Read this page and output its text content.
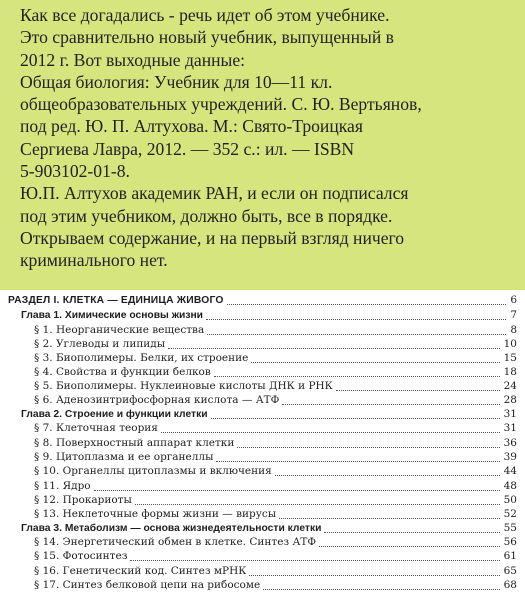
Как все догадались - речь идет об этом учебнике.
Это сравнительно новый учебник, выпущенный в
2012 г. Вот выходные данные:
Общая биология: Учебник для 10—11 кл.
общеобразовательных учреждений. С. Ю. Вертьянов,
под ред. Ю. П. Алтухова. М.: Свято-Троицкая
Сергиева Лавра, 2012. — 352 с.: ил. — ISBN
5-903102-01-8.
Ю.П. Алтухов академик РАН, и если он подписался
под этим учебником, должно быть, все в порядке.
Открываем содержание, и на первый взгляд ничего
криминального нет.
РАЗДЕЛ I. КЛЕТКА — ЕДИНИЦА ЖИВОГО	6
Глава 1. Химические основы жизни	7
§ 1. Неорганические вещества	8
§ 2. Углеводы и липиды	10
§ 3. Биополимеры. Белки, их строение	15
§ 4. Свойства и функции белков	18
§ 5. Биополимеры. Нуклеиновые кислоты ДНК и РНК	24
§ 6. Аденозинтрифосфорная кислота — АТФ	28
Глава 2. Строение и функции клетки	31
§ 7. Клеточная теория	31
§ 8. Поверхностный аппарат клетки	36
§ 9. Цитоплазма и ее органеллы	39
§ 10. Органеллы цитоплазмы и включения	44
§ 11. Ядро	48
§ 12. Прокариоты	50
§ 13. Неклеточные формы жизни — вирусы	52
Глава 3. Метаболизм — основа жизнедеятельности клетки	55
§ 14. Энергетический обмен в клетке. Синтез АТФ	56
§ 15. Фотосинтез	61
§ 16. Генетический код. Синтез мРНК	65
§ 17. Синтез белковой цепи на рибосоме	68
